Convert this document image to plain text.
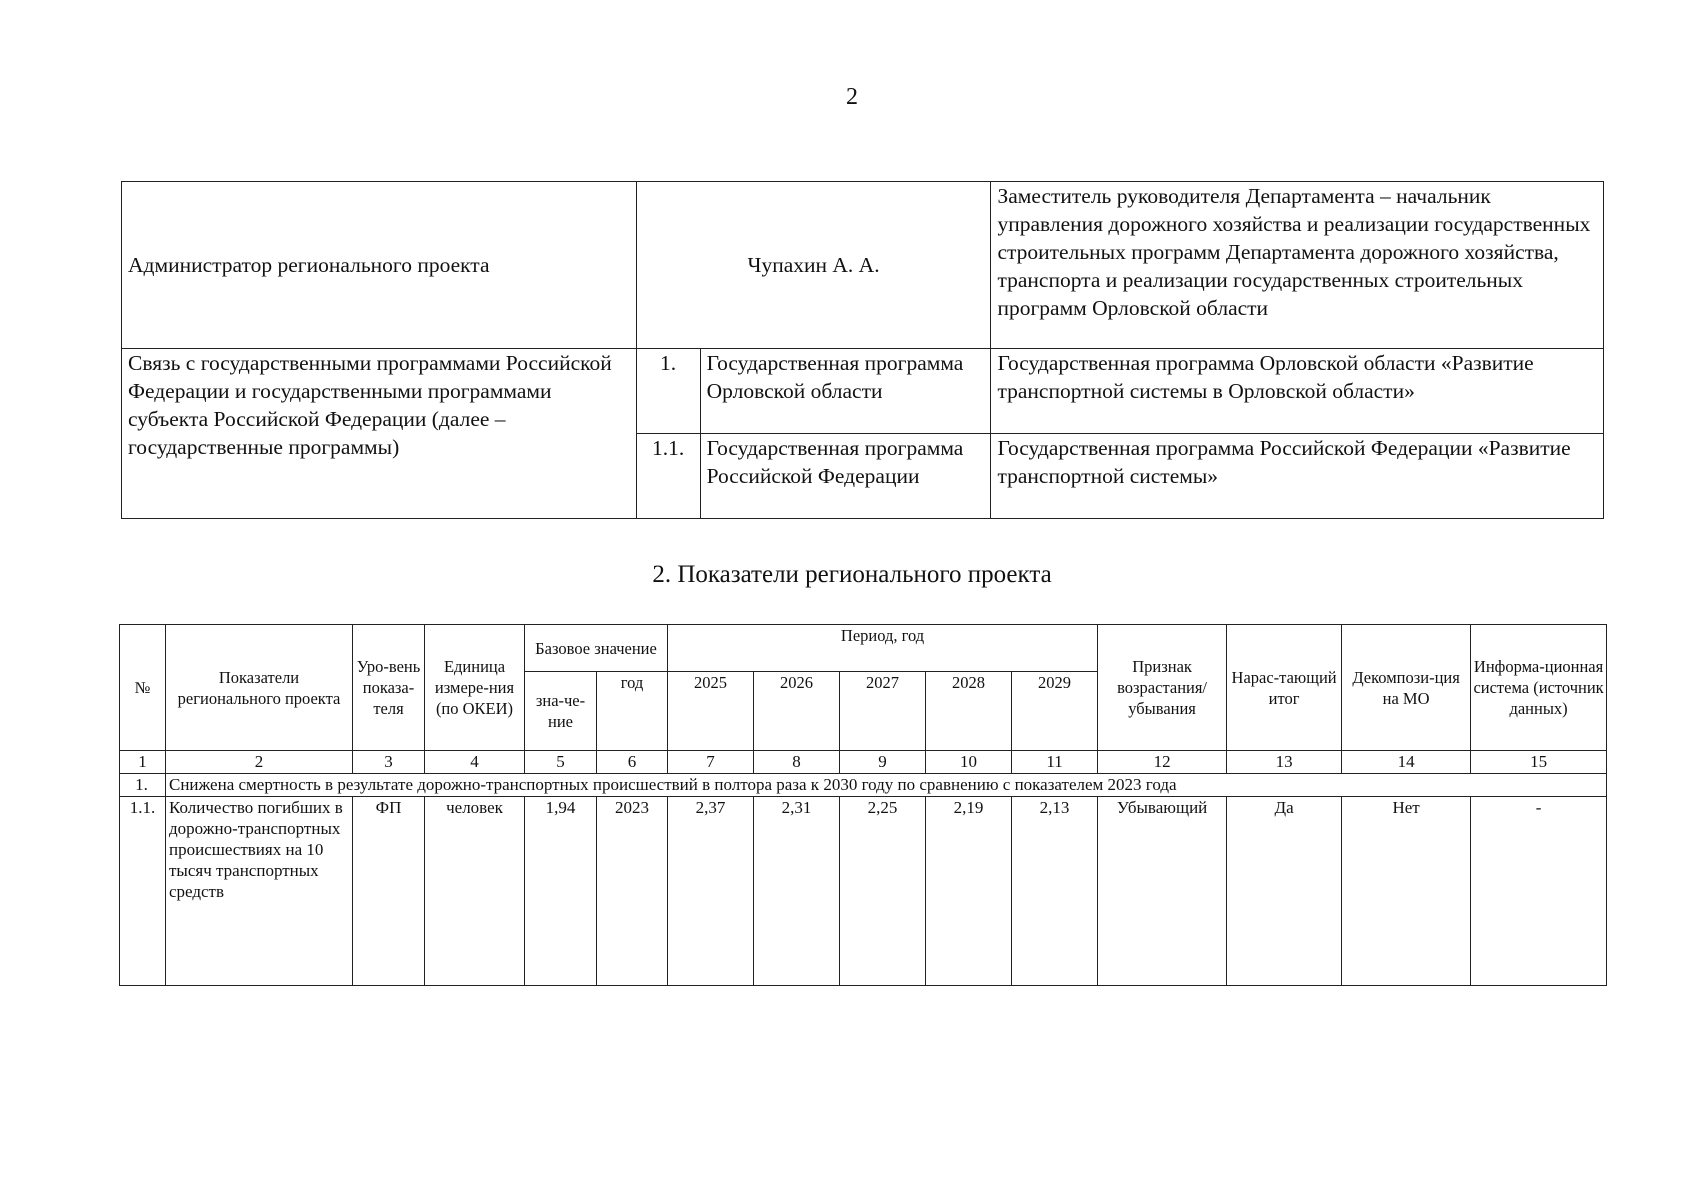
2
Администратор регионального проекта	Чупахин А. А.		Заместитель руководителя Департамента – начальник управления дорожного хозяйства и реализации государственных строительных программ Департамента дорожного хозяйства, транспорта и реализации государственных строительных программ Орловской области
Связь с государственными программами Российской Федерации и государственными программами субъекта Российской Федерации (далее – государственные программы)	1.	Государственная программа Орловской области	Государственная программа Орловской области «Развитие транспортной системы в Орловской области»
	1.1.	Государственная программа Российской Федерации	Государственная программа Российской Федерации «Развитие транспортной системы»
2. Показатели регионального проекта
№	Показатели регионального проекта	Уро-вень показа-теля	Единица измере-ния (по ОКЕИ)	Базовое значение		Период, год					Признак возрастания/ убывания	Нарас-тающий итог	Декомпози-ция на МО	Информа-ционная система (источник данных)
				зна-че-ние	год	2025	2026	2027	2028	2029				
1	2	3	4	5	6	7	8	9	10	11	12	13	14	15
1.	Снижена смертность в результате дорожно-транспортных происшествий в полтора раза к 2030 году по сравнению с показателем 2023 года													
1.1.	Количество погибших в дорожно-транспортных происшествиях на 10 тысяч транспортных средств	ФП	человек	1,94	2023	2,37	2,31	2,25	2,19	2,13	Убывающий	Да	Нет	-
